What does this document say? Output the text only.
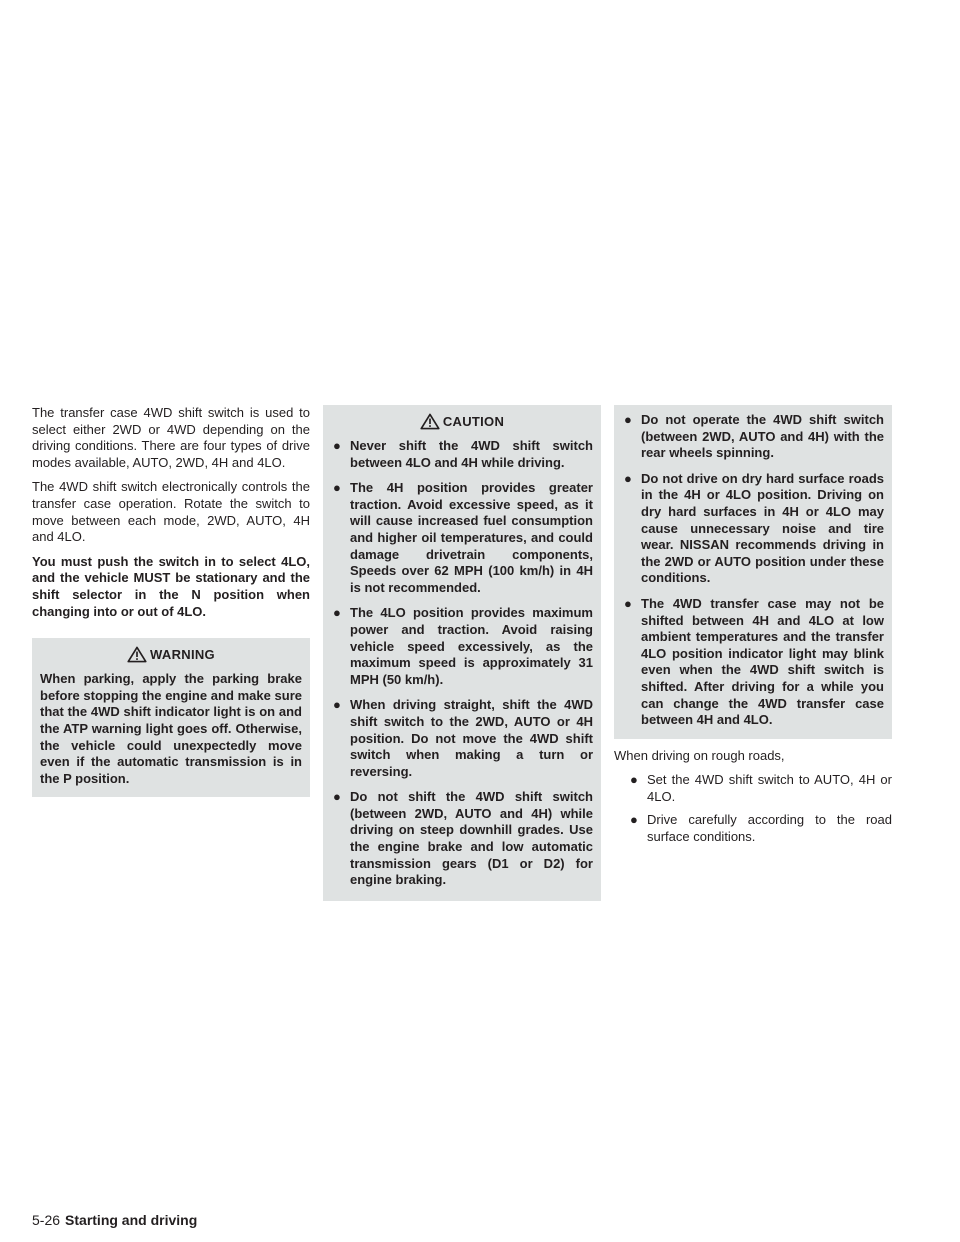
The transfer case 4WD shift switch is used to select either 2WD or 4WD depending on the driving conditions. There are four types of drive modes available, AUTO, 2WD, 4H and 4LO.

The 4WD shift switch electronically controls the transfer case operation. Rotate the switch to move between each mode, 2WD, AUTO, 4H and 4LO.

You must push the switch in to select 4LO, and the vehicle MUST be stationary and the shift selector in the N position when changing into or out of 4LO.

WARNING

When parking, apply the parking brake before stopping the engine and make sure that the 4WD shift indicator light is on and the ATP warning light goes off. Otherwise, the vehicle could unexpectedly move even if the automatic transmission is in the P position.

CAUTION
● Never shift the 4WD shift switch between 4LO and 4H while driving.
● The 4H position provides greater traction. Avoid excessive speed, as it will cause increased fuel consumption and higher oil temperatures, and could damage drivetrain components, Speeds over 62 MPH (100 km/h) in 4H is not recommended.
● The 4LO position provides maximum power and traction. Avoid raising vehicle speed excessively, as the maximum speed is approximately 31 MPH (50 km/h).
● When driving straight, shift the 4WD shift switch to the 2WD, AUTO or 4H position. Do not move the 4WD shift switch when making a turn or reversing.
● Do not shift the 4WD shift switch (between 2WD, AUTO and 4H) while driving on steep downhill grades. Use the engine brake and low automatic transmission gears (D1 or D2) for engine braking.
● Do not operate the 4WD shift switch (between 2WD, AUTO and 4H) with the rear wheels spinning.
● Do not drive on dry hard surface roads in the 4H or 4LO position. Driving on dry hard surfaces in 4H or 4LO may cause unnecessary noise and tire wear. NISSAN recommends driving in the 2WD or AUTO position under these conditions.
● The 4WD transfer case may not be shifted between 4H and 4LO at low ambient temperatures and the transfer 4LO position indicator light may blink even when the 4WD shift switch is shifted. After driving for a while you can change the 4WD transfer case between 4H and 4LO.

When driving on rough roads,

● Set the 4WD shift switch to AUTO, 4H or 4LO.
● Drive carefully according to the road surface conditions.
5-26 Starting and driving
